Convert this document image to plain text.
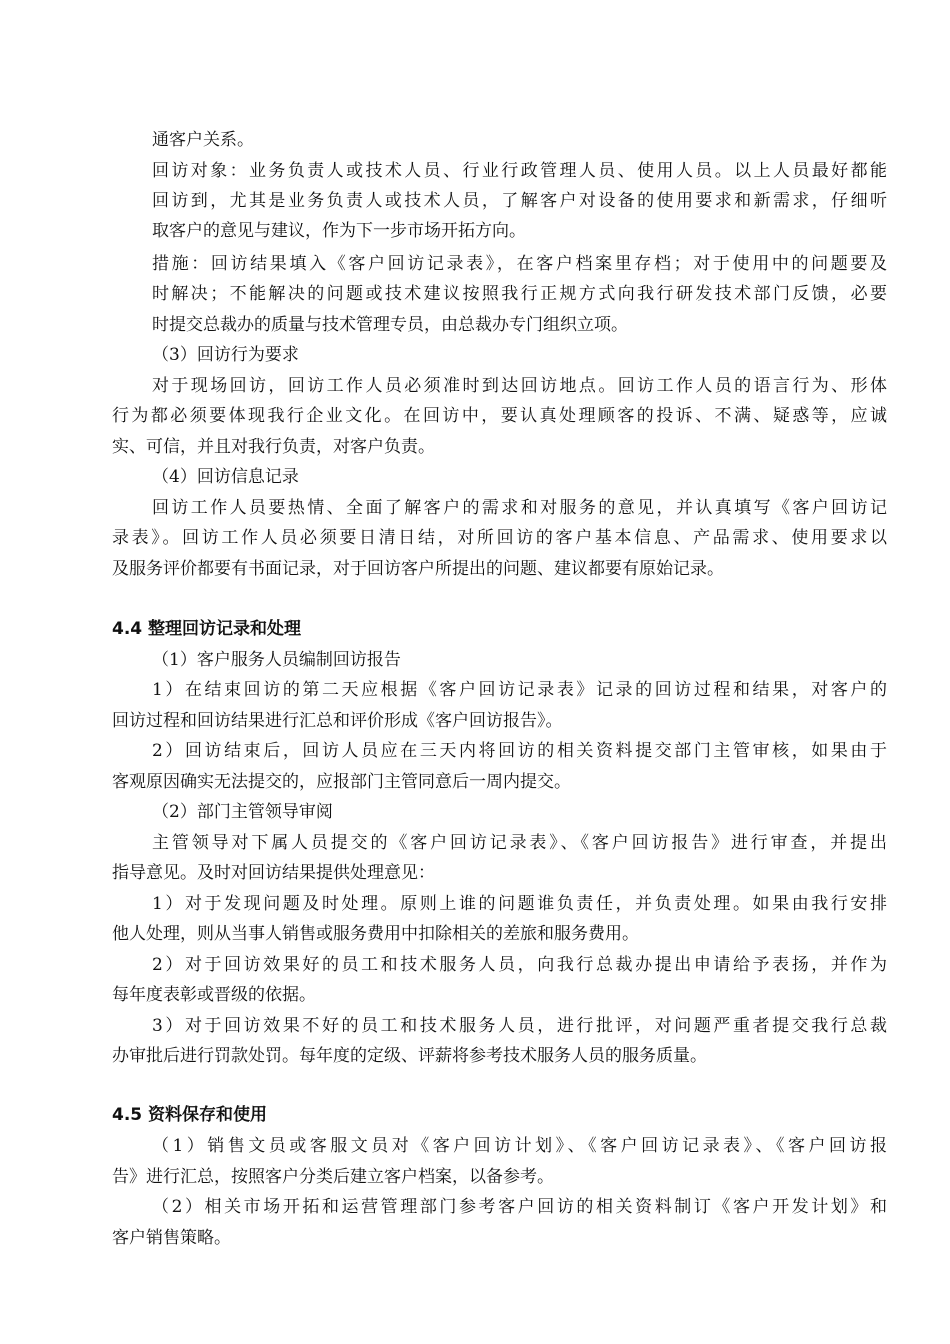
通客户关系。
回访对象：业务负责人或技术人员、行业行政管理人员、使用人员。以上人员最好都能
回访到，尤其是业务负责人或技术人员，了解客户对设备的使用要求和新需求，仔细听
取客户的意见与建议，作为下一步市场开拓方向。
措施：回访结果填入《客户回访记录表》，在客户档案里存档；对于使用中的问题要及
时解决；不能解决的问题或技术建议按照我行正规方式向我行研发技术部门反馈，必要
时提交总裁办的质量与技术管理专员，由总裁办专门组织立项。
（3）回访行为要求
对于现场回访，回访工作人员必须准时到达回访地点。回访工作人员的语言行为、形体
行为都必须要体现我行企业文化。在回访中，要认真处理顾客的投诉、不满、疑惑等，应诚
实、可信，并且对我行负责，对客户负责。
（4）回访信息记录
回访工作人员要热情、全面了解客户的需求和对服务的意见，并认真填写《客户回访记
录表》。回访工作人员必须要日清日结，对所回访的客户基本信息、产品需求、使用要求以
及服务评价都要有书面记录，对于回访客户所提出的问题、建议都要有原始记录。
4.4 整理回访记录和处理
（1）客户服务人员编制回访报告
1）在结束回访的第二天应根据《客户回访记录表》记录的回访过程和结果，对客户的
回访过程和回访结果进行汇总和评价形成《客户回访报告》。
2）回访结束后，回访人员应在三天内将回访的相关资料提交部门主管审核，如果由于
客观原因确实无法提交的，应报部门主管同意后一周内提交。
（2）部门主管领导审阅
主管领导对下属人员提交的《客户回访记录表》、《客户回访报告》进行审查，并提出
指导意见。及时对回访结果提供处理意见：
1）对于发现问题及时处理。原则上谁的问题谁负责任，并负责处理。如果由我行安排
他人处理，则从当事人销售或服务费用中扣除相关的差旅和服务费用。
2）对于回访效果好的员工和技术服务人员，向我行总裁办提出申请给予表扬，并作为
每年度表彰或晋级的依据。
3）对于回访效果不好的员工和技术服务人员，进行批评，对问题严重者提交我行总裁
办审批后进行罚款处罚。每年度的定级、评薪将参考技术服务人员的服务质量。
4.5 资料保存和使用
（1）销售文员或客服文员对《客户回访计划》、《客户回访记录表》、《客户回访报
告》进行汇总，按照客户分类后建立客户档案，以备参考。
（2）相关市场开拓和运营管理部门参考客户回访的相关资料制订《客户开发计划》和
客户销售策略。
